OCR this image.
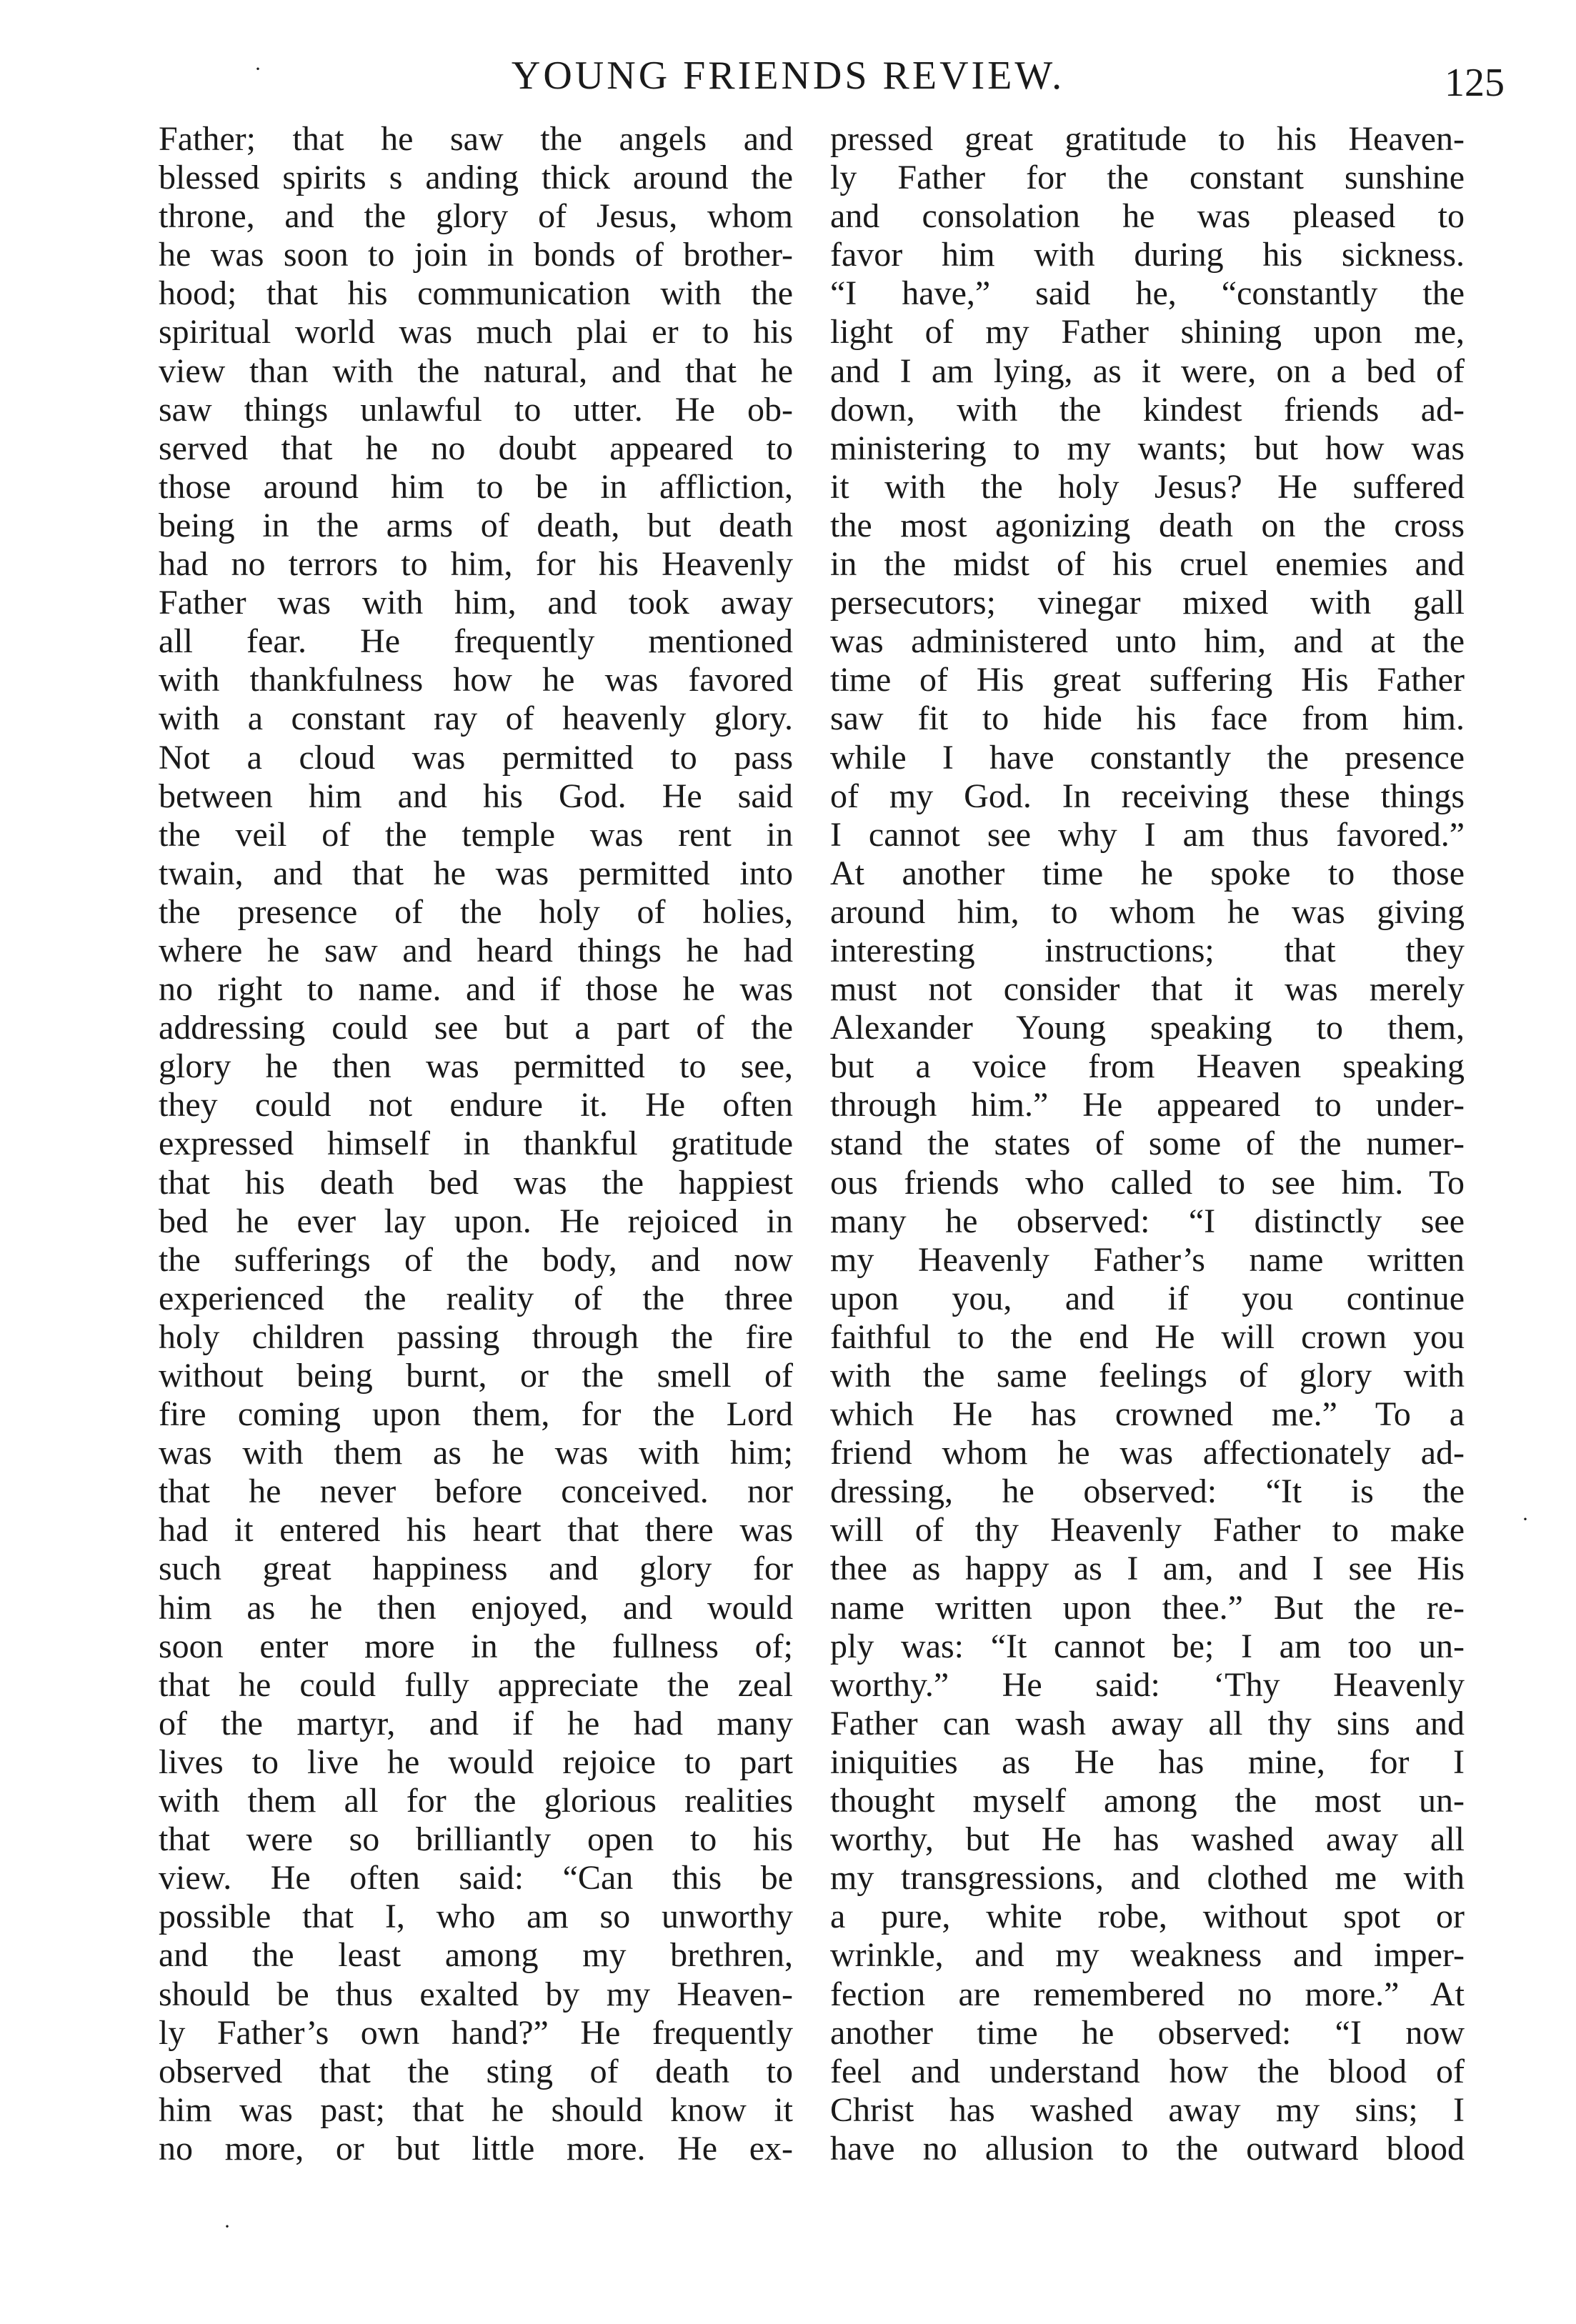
·	YOUNG FRIENDS REVIEW.	125
Father; that he saw the angels and
blessed spirits s anding thick around the
throne, and the glory of Jesus, whom
he was soon to join in bonds of brother-
hood; that his communication with the
spiritual world was much plai er to his
view than with the natural, and that he
saw things unlawful to utter. He ob-
served that he no doubt appeared to
those around him to be in affliction,
being in the arms of death, but death
had no terrors to him, for his Heavenly
Father was with him, and took away
all fear. He frequently mentioned
with thankfulness how he was favored
with a constant ray of heavenly glory.
Not a cloud was permitted to pass
between him and his God. He said
the veil of the temple was rent in
twain, and that he was permitted into
the presence of the holy of holies,
where he saw and heard things he had
no right to name. and if those he was
addressing could see but a part of the
glory he then was permitted to see,
they could not endure it. He often
expressed himself in thankful gratitude
that his death bed was the happiest
bed he ever lay upon. He rejoiced in
the sufferings of the body, and now
experienced the reality of the three
holy children passing through the fire
without being burnt, or the smell of
fire coming upon them, for the Lord
was with them as he was with him;
that he never before conceived. nor
had it entered his heart that there was
such great happiness and glory for
him as he then enjoyed, and would
soon enter more in the fullness of;
that he could fully appreciate the zeal
of the martyr, and if he had many
lives to live he would rejoice to part
with them all for the glorious realities
that were so brilliantly open to his
view. He often said: “Can this be
possible that I, who am so unworthy
and the least among my brethren,
should be thus exalted by my Heaven-
ly Father’s own hand?” He frequently
observed that the sting of death to
him was past; that he should know it
no more, or but little more. He ex-
pressed great gratitude to his Heaven-
ly Father for the constant sunshine
and consolation he was pleased to
favor him with during his sickness.
“I have,” said he, “constantly the
light of my Father shining upon me,
and I am lying, as it were, on a bed of
down, with the kindest friends ad-
ministering to my wants; but how was
it with the holy Jesus? He suffered
the most agonizing death on the cross
in the midst of his cruel enemies and
persecutors; vinegar mixed with gall
was administered unto him, and at the
time of His great suffering His Father
saw fit to hide his face from him.
while I have constantly the presence
of my God. In receiving these things
I cannot see why I am thus favored.”
At another time he spoke to those
around him, to whom he was giving
interesting instructions; that they
must not consider that it was merely
Alexander Young speaking to them,
but a voice from Heaven speaking
through him.” He appeared to under-
stand the states of some of the numer-
ous friends who called to see him. To
many he observed: “I distinctly see
my Heavenly Father’s name written
upon you, and if you continue
faithful to the end He will crown you
with the same feelings of glory with
which He has crowned me.” To a
friend whom he was affectionately ad-
dressing, he observed: “It is the
will of thy Heavenly Father to make
thee as happy as I am, and I see His
name written upon thee.” But the re-
ply was: “It cannot be; I am too un-
worthy.” He said: ‘Thy Heavenly
Father can wash away all thy sins and
iniquities as He has mine, for I
thought myself among the most un-
worthy, but He has washed away all
my transgressions, and clothed me with
a pure, white robe, without spot or
wrinkle, and my weakness and imper-
fection are remembered no more.” At
another time he observed: “I now
feel and understand how the blood of
Christ has washed away my sins; I
have no allusion to the outward blood
·
·
